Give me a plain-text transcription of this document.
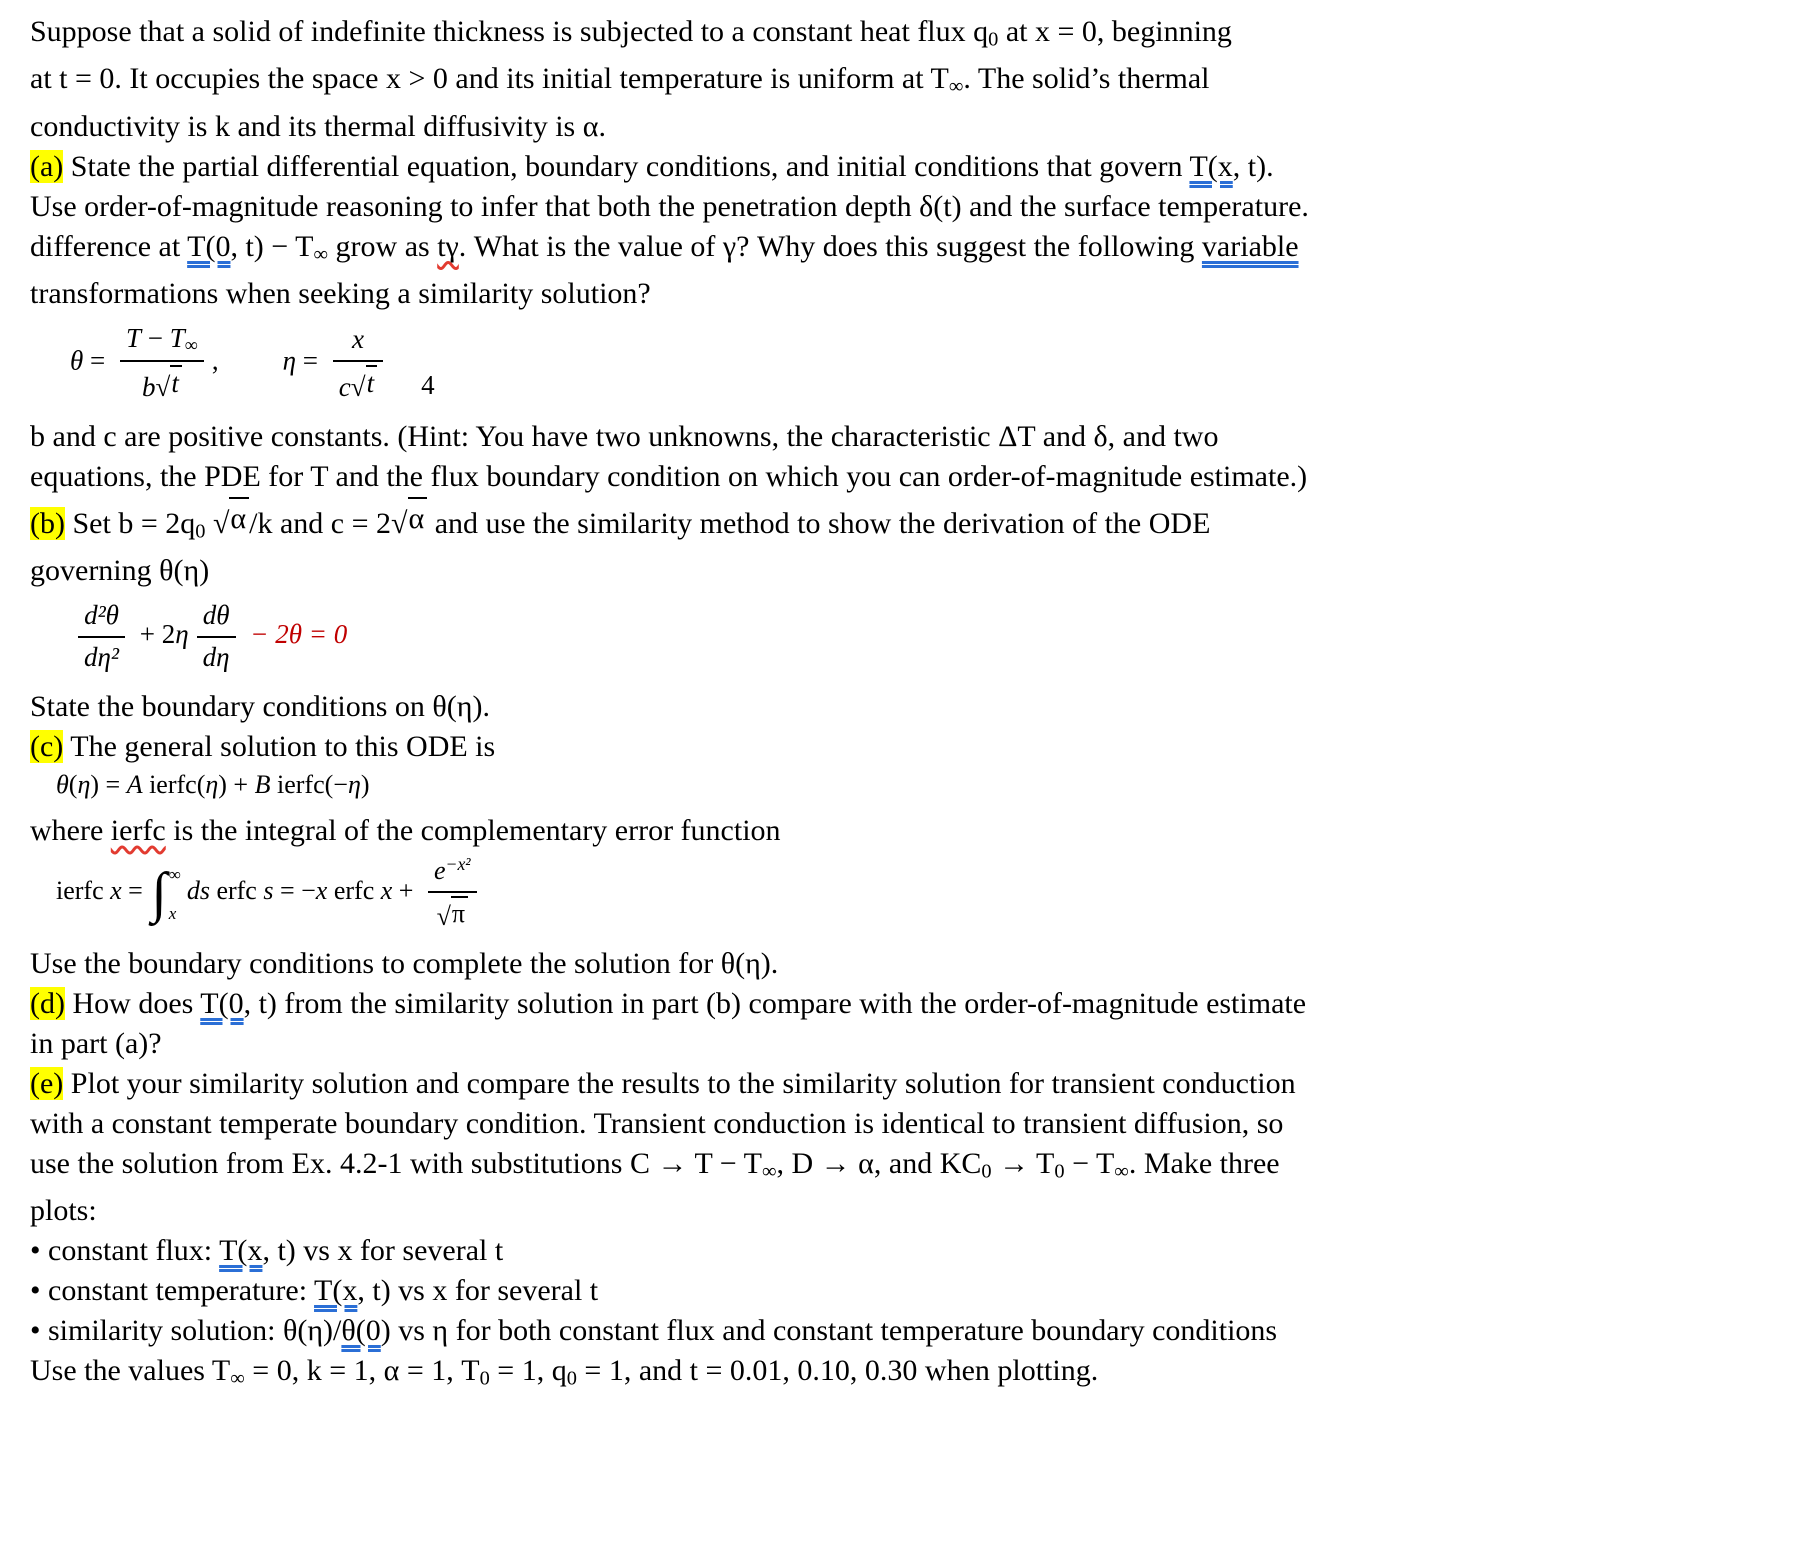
Suppose that a solid of indefinite thickness is subjected to a constant heat flux $q_0$ at x = 0, beginning
at t = 0. It occupies the space x > 0 and its initial temperature is uniform at $T_\infty$. The solid’s thermal
conductivity is k and its thermal diffusivity is α.
(a) State the partial differential equation, boundary conditions, and initial conditions that govern T(x, t).
Use order-of-magnitude reasoning to infer that both the penetration depth δ(t) and the surface temperature.
difference at T(0, $t) - T_\infty$ grow as tγ. What is the value of γ? Why does this suggest the following variable
transformations when seeking a similarity solution?
$\theta = \frac{T - T_\infty}{b √ t}$ , $\eta = \frac{x}{c √ t} 4$
b and c are positive constants. (Hint: You have two unknowns, the characteristic ΔT and δ, and two
equations, the PDE for T and the flux boundary condition on which you can order-of-magnitude estimate.)
(b) Set $b = 2q_0$ √ α /k and c = 2 √ α and use the similarity method to show the derivation of the ODE
governing θ(η)
$\frac{\text{d²θ}}{\text{dη²}} + 2\eta \frac{d\theta}{d\eta} - 2\theta = 0$
State the boundary conditions on θ(η).
(c) The general solution to this ODE is
θ(η) = A ierfc(η) + B ierfc(−η)
where ierfc is the integral of the complementary error function
ierfc x = ∫ ∞
x
ds erfc s = −x erfc $x + \frac{e^{-x^2}}{√ \pi}$
Use the boundary conditions to complete the solution for θ(η).
(d) How does T(0, t) from the similarity solution in part (b) compare with the order-of-magnitude estimate
in part (a)?
(e) Plot your similarity solution and compare the results to the similarity solution for transient conduction
with a constant temperate boundary condition. Transient conduction is identical to transient diffusion, so
use the solution from Ex. 4.2-1 with substitutions $C \to T - T_\infty$, D → α, and $KC_0 \to T_0 - T_\infty$. Make three
plots:
• constant flux: T(x, t) vs x for several t
• constant temperature: T(x, t) vs x for several t
• similarity solution: θ(η)/θ(0) vs η for both constant flux and constant temperature boundary conditions
Use the values $T_\infty = 0$, k = 1, α = 1, $T_0 = 1$, $q_0 = 1$, and t = 0.01, 0.10, 0.30 when plotting.
